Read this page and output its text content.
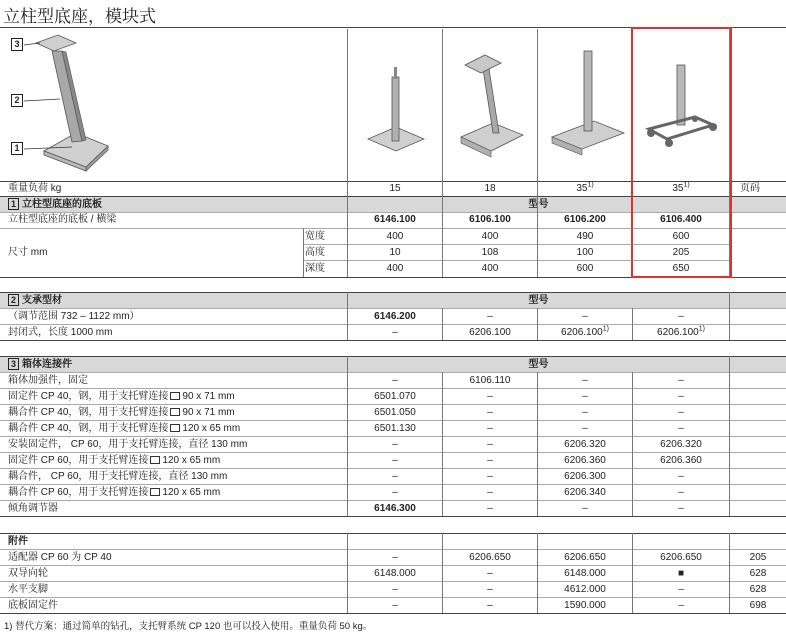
立柱型底座，模块式
3
2
1
重量负荷 kg	15	18	35$^{1)}$	35$^{1)}$	页码
1 立柱型底座的底板	型号
立柱型底座的底板 / 横梁	6146.100	6106.100	6106.200	6106.400
尺寸 mm
宽度	400	400	490	600
高度	10	108	100	205
深度	400	400	600	650
2 支承型材	型号
（调节范围 732 – 1122 mm）	6146.200	–	–	–
封闭式，长度 1000 mm	–	6206.100	6206.100$^{1)}$	6206.100$^{1)}$
3 箱体连接件	型号
箱体加强件，固定	–	6106.110	–	–
固定件 CP 40，钢，用于支托臂连接 90 x 71 mm	6501.070	–	–	–
耦合件 CP 40，钢，用于支托臂连接 90 x 71 mm	6501.050	–	–	–
耦合件 CP 40，钢，用于支托臂连接 120 x 65 mm	6501.130	–	–	–
安装固定件， CP 60，用于支托臂连接，直径 130 mm	–	–	6206.320	6206.320
固定件 CP 60，用于支托臂连接 120 x 65 mm	–	–	6206.360	6206.360
耦合件， CP 60，用于支托臂连接，直径 130 mm	–	–	6206.300	–
耦合件 CP 60，用于支托臂连接 120 x 65 mm	–	–	6206.340	–
倾角调节器	6146.300	–	–	–
附件
适配器 CP 60 为 CP 40	–	6206.650	6206.650	6206.650	205
双导向轮	6148.000	–	6148.000	■	628
水平支脚	–	–	4612.000	–	628
底板固定件	–	–	1590.000	–	698
1) 替代方案：通过简单的钻孔，支托臂系统 CP 120 也可以投入使用。重量负荷 50 kg。
